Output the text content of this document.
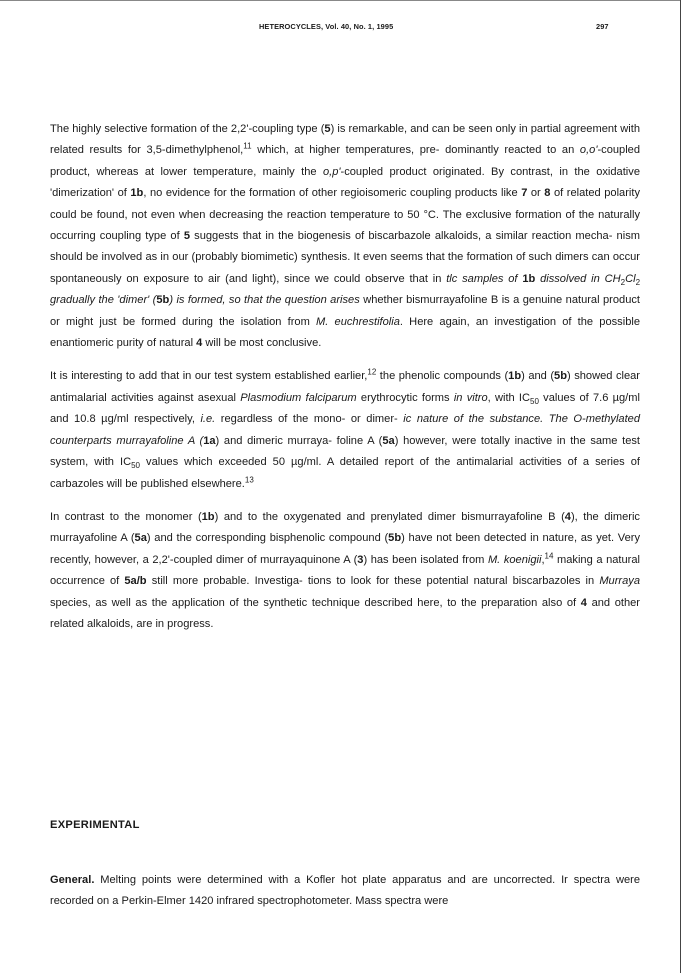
HETEROCYCLES, Vol. 40, No. 1, 1995	297

The highly selective formation of the 2,2'-coupling type (5) is remarkable, and can be seen only in partial agreement with related results for 3,5-dimethylphenol,$^{11}$ which, at higher temperatures, pre- dominantly reacted to an o,o'-coupled product, whereas at lower temperature, mainly the o,p'-coupled product originated. By contrast, in the oxidative 'dimerization' of 1b, no evidence for the formation of other regioisomeric coupling products like 7 or 8 of related polarity could be found, not even when decreasing the reaction temperature to 50 °C. The exclusive formation of the naturally occurring coupling type of 5 suggests that in the biogenesis of biscarbazole alkaloids, a similar reaction mecha- nism should be involved as in our (probably biomimetic) synthesis. It even seems that the formation of such dimers can occur spontaneously on exposure to air (and light), since we could observe that in tlc samples of 1b dissolved in $CH_2Cl_2$ gradually the 'dimer' (5b) is formed, so that the question arises whether bismurrayafoline B is a genuine natural product or might just be formed during the isolation from M. euchrestifolia. Here again, an investigation of the possible enantiomeric purity of natural 4 will be most conclusive.

It is interesting to add that in our test system established earlier,$^{12}$ the phenolic compounds (1b) and (5b) showed clear antimalarial activities against asexual Plasmodium falciparum erythrocytic forms in vitro, with $IC_{50}$ values of 7.6 µg/ml and 10.8 µg/ml respectively, i.e. regardless of the mono- or dimer- ic nature of the substance. The O-methylated counterparts murrayafoline A (1a) and dimeric murraya- foline A (5a) however, were totally inactive in the same test system, with $IC_{50}$ values which exceeded 50 µg/ml. A detailed report of the antimalarial activities of a series of carbazoles will be published elsewhere.$^{13}$

In contrast to the monomer (1b) and to the oxygenated and prenylated dimer bismurrayafoline B (4), the dimeric murrayafoline A (5a) and the corresponding bisphenolic compound (5b) have not been detected in nature, as yet. Very recently, however, a 2,2'-coupled dimer of murrayaquinone A (3) has been isolated from M. koenigii,$^{14}$ making a natural occurrence of 5a/b still more probable. Investiga- tions to look for these potential natural biscarbazoles in Murraya species, as well as the application of the synthetic technique described here, to the preparation also of 4 and other related alkaloids, are in progress.

EXPERIMENTAL
General. Melting points were determined with a Kofler hot plate apparatus and are uncorrected. Ir spectra were recorded on a Perkin-Elmer 1420 infrared spectrophotometer. Mass spectra were
